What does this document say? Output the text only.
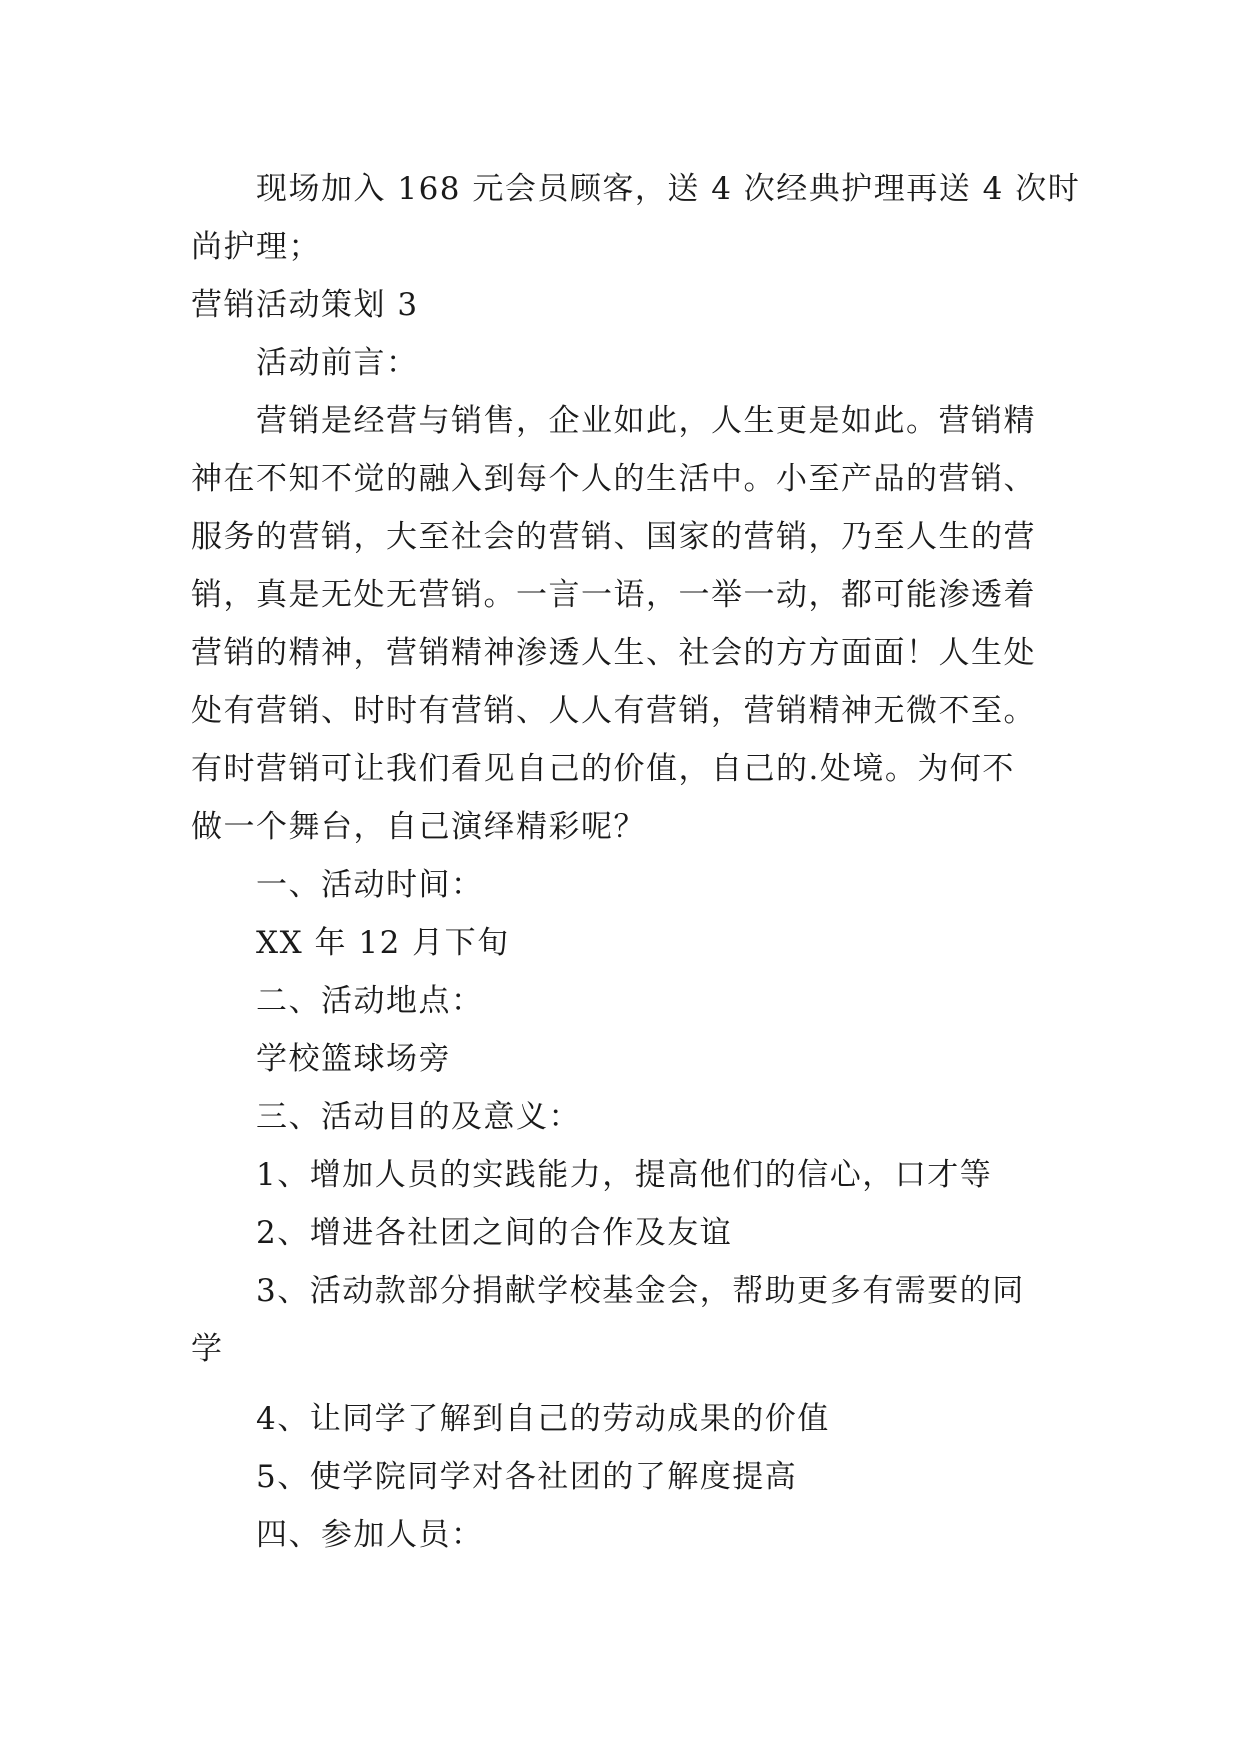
现场加入 168 元会员顾客，送 4 次经典护理再送 4 次时
尚护理；
营销活动策划 3
活动前言：
营销是经营与销售，企业如此，人生更是如此。营销精
神在不知不觉的融入到每个人的生活中。小至产品的营销、
服务的营销，大至社会的营销、国家的营销，乃至人生的营
销，真是无处无营销。一言一语，一举一动，都可能渗透着
营销的精神，营销精神渗透人生、社会的方方面面！人生处
处有营销、时时有营销、人人有营销，营销精神无微不至。
有时营销可让我们看见自己的价值，自己的.处境。为何不
做一个舞台，自己演绎精彩呢？
一、活动时间：
XX 年 12 月下旬
二、活动地点：
学校篮球场旁
三、活动目的及意义：
1、增加人员的实践能力，提高他们的信心，口才等
2、增进各社团之间的合作及友谊
3、活动款部分捐献学校基金会，帮助更多有需要的同
学
4、让同学了解到自己的劳动成果的价值
5、使学院同学对各社团的了解度提高
四、参加人员：
